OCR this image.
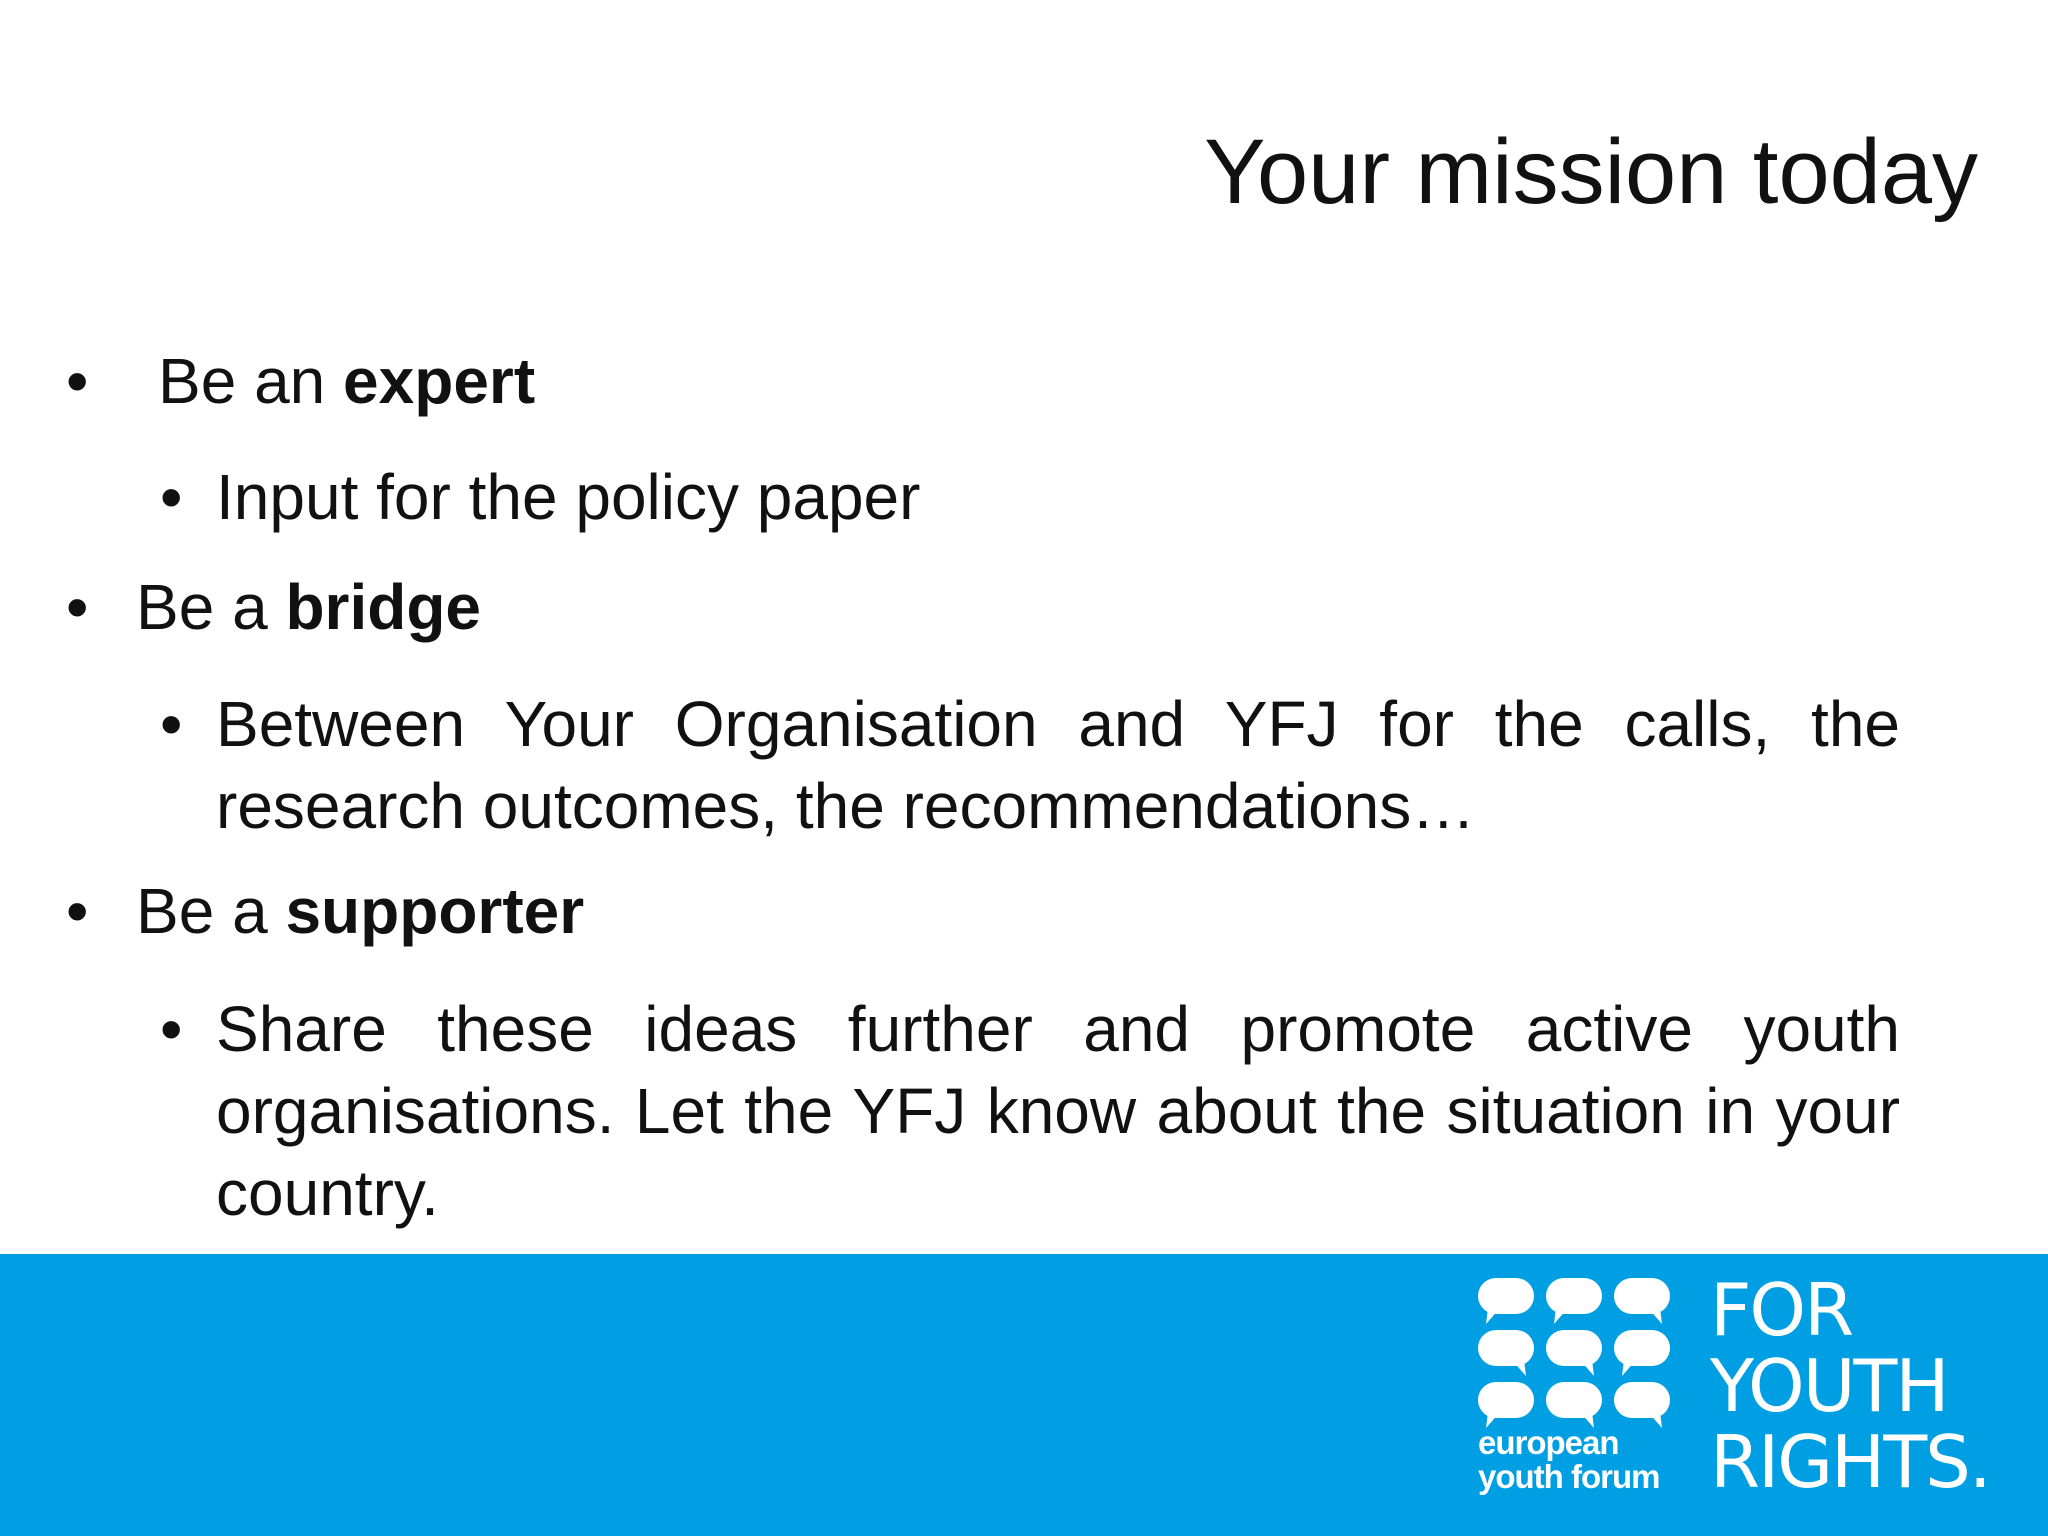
Your mission today
• Be an expert
• Input for the policy paper
• Be a bridge
• Between Your Organisation and YFJ for the calls, the research outcomes, the recommendations…
• Be a supporter
• Share these ideas further and promote active youth organisations. Let the YFJ know about the situation in your country.
european
youth forum
FOR
YOUTH
RIGHTS.
